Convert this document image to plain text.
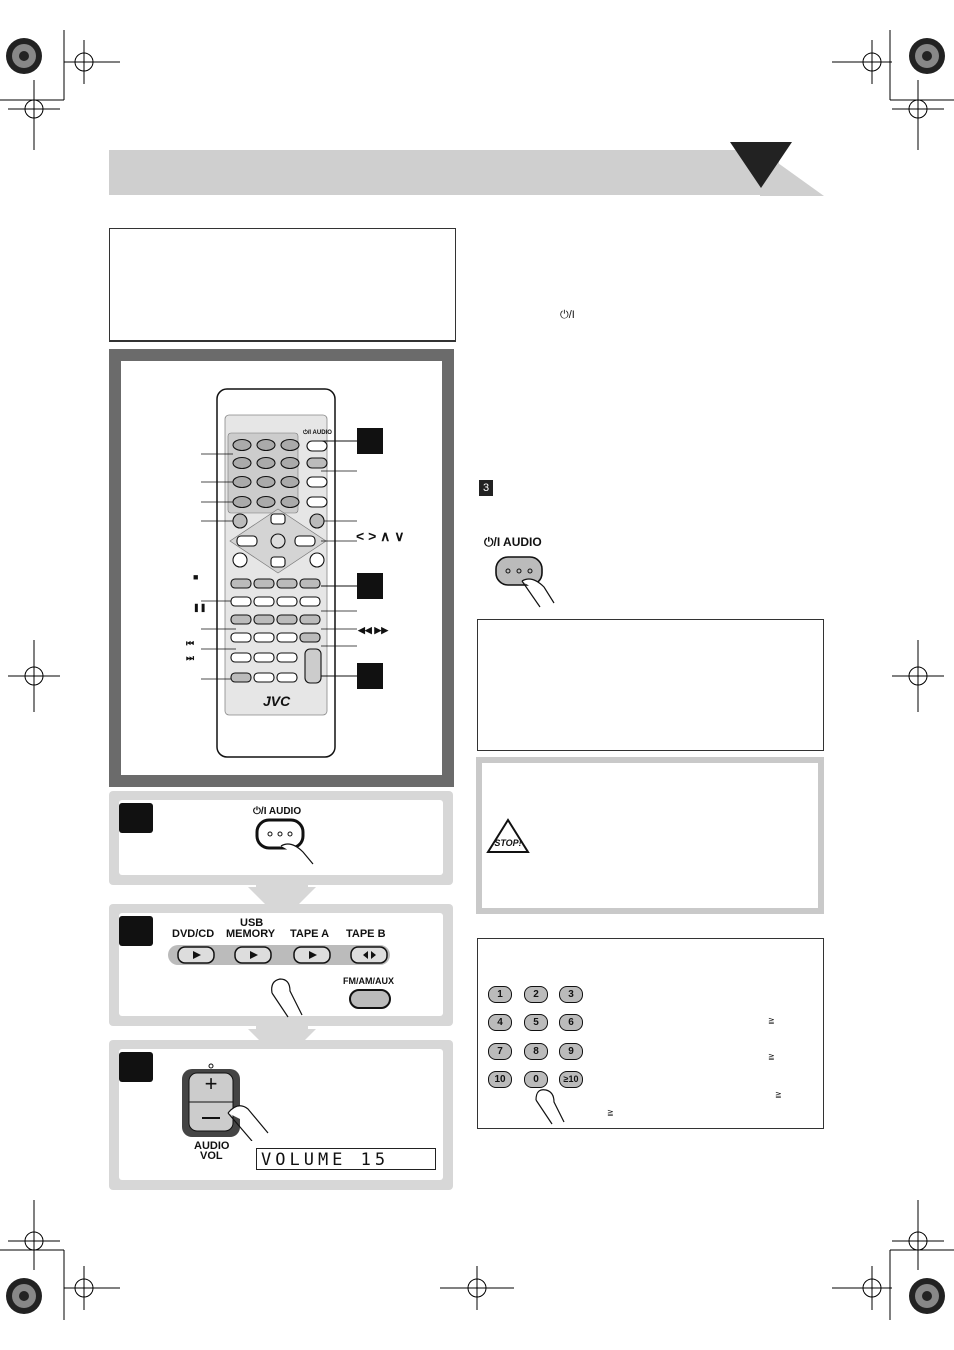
⏻/I AUDIO
< > ∧ ∨
◀◀ ▶▶
■
❚❚
⏮
⏭
JVC
⏻/I AUDIO
DVD/CD
USB
MEMORY TAPE A TAPE B
FM/AM/AUX
+
AUDIO
VOL VOLUME 15
⏻/I
3
⏻/I AUDIO
STOP!
1	2	3
4	5	6
7	8	9
10	0	≥10
≧
≧
≧
≧
